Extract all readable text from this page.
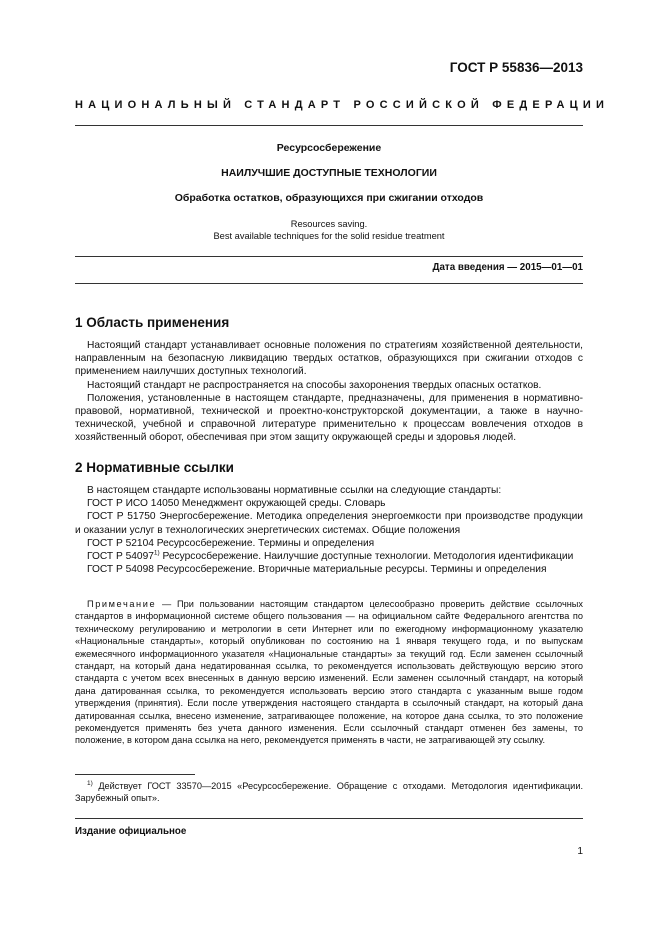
ГОСТ Р 55836—2013
НАЦИОНАЛЬНЫЙ СТАНДАРТ РОССИЙСКОЙ ФЕДЕРАЦИИ
Ресурсосбережение
НАИЛУЧШИЕ ДОСТУПНЫЕ ТЕХНОЛОГИИ
Обработка остатков, образующихся при сжигании отходов
Resources saving.
Best available techniques for the solid residue treatment
Дата введения — 2015—01—01
1 Область применения

Настоящий стандарт устанавливает основные положения по стратегиям хозяйственной деятельности, направленным на безопасную ликвидацию твердых остатков, образующихся при сжигании отходов с применением наилучших доступных технологий.

Настоящий стандарт не распространяется на способы захоронения твердых опасных остатков.

Положения, установленные в настоящем стандарте, предназначены, для применения в нормативно-правовой, нормативной, технической и проектно-конструкторской документации, а также в научно-технической, учебной и справочной литературе применительно к процессам вовлечения отходов в хозяйственный оборот, обеспечивая при этом защиту окружающей среды и здоровья людей.

2 Нормативные ссылки

В настоящем стандарте использованы нормативные ссылки на следующие стандарты:

ГОСТ Р ИСО 14050 Менеджмент окружающей среды. Словарь

ГОСТ Р 51750 Энергосбережение. Методика определения энергоемкости при производстве продукции и оказании услуг в технологических энергетических системах. Общие положения

ГОСТ Р 52104 Ресурсосбережение. Термины и определения

ГОСТ Р 54097$^{1)}$ Ресурсосбережение. Наилучшие доступные технологии. Методология идентификации

ГОСТ Р 54098 Ресурсосбережение. Вторичные материальные ресурсы. Термины и определения

Примечание — При пользовании настоящим стандартом целесообразно проверить действие ссылочных стандартов в информационной системе общего пользования — на официальном сайте Федерального агентства по техническому регулированию и метрологии в сети Интернет или по ежегодному информационному указателю «Национальные стандарты», который опубликован по состоянию на 1 января текущего года, и по выпускам ежемесячного информационного указателя «Национальные стандарты» за текущий год. Если заменен ссылочный стандарт, на который дана недатированная ссылка, то рекомендуется использовать действующую версию этого стандарта с учетом всех внесенных в данную версию изменений. Если заменен ссылочный стандарт, на который дана датированная ссылка, то рекомендуется использовать версию этого стандарта с указанным выше годом утверждения (принятия). Если после утверждения настоящего стандарта в ссылочный стандарт, на который дана датированная ссылка, внесено изменение, затрагивающее положение, на которое дана ссылка, то это положение рекомендуется применять без учета данного изменения. Если ссылочный стандарт отменен без замены, то положение, в котором дана ссылка на него, рекомендуется применять в части, не затрагивающей эту ссылку.
$^{1)}$ Действует ГОСТ 33570—2015 «Ресурсосбережение. Обращение с отходами. Методология идентификации. Зарубежный опыт».
Издание официальное
1
